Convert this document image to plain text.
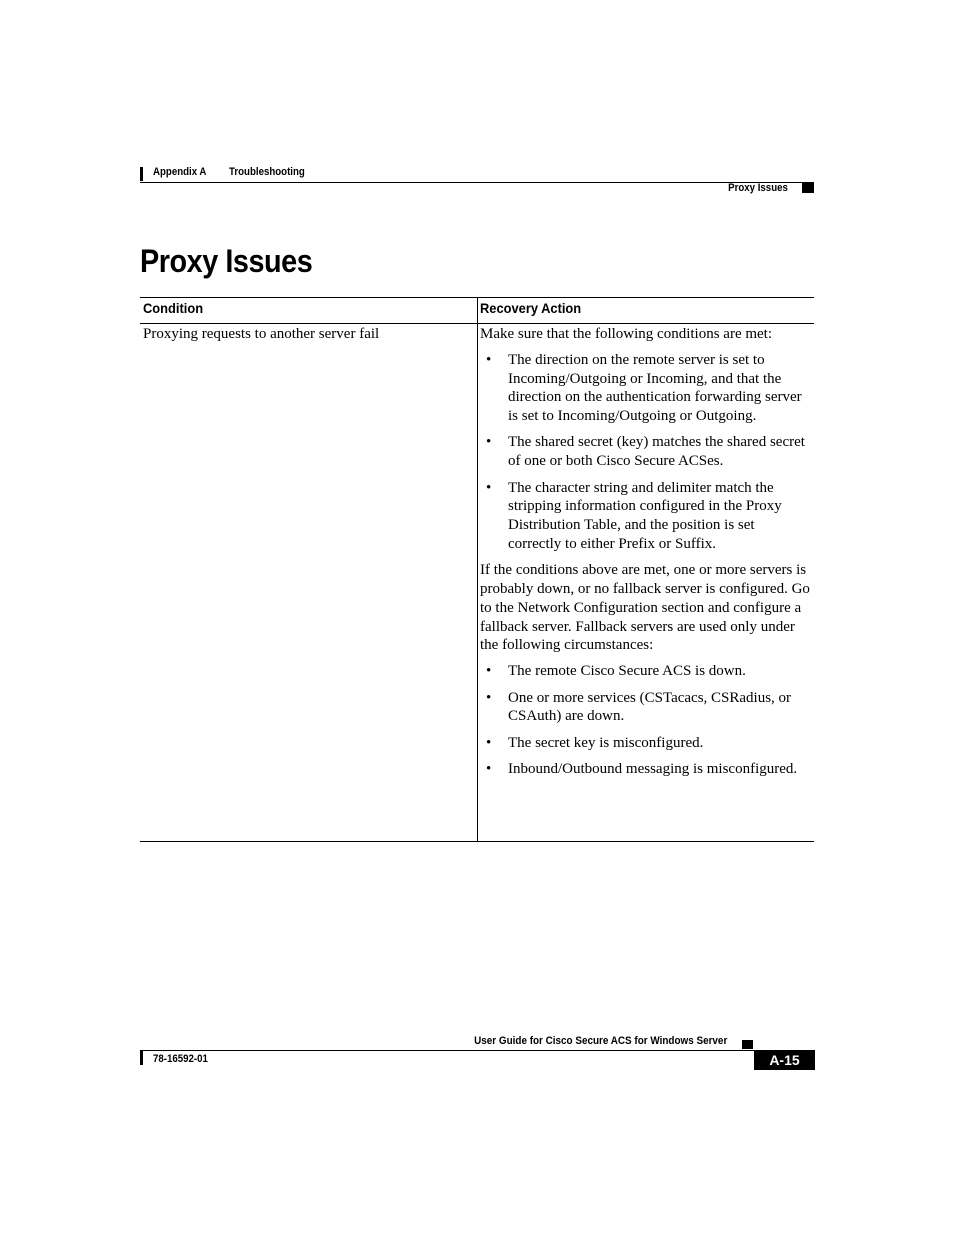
Appendix A Troubleshooting
Proxy Issues
Proxy Issues
Condition	Recovery Action
Proxying requests to another server fail	Make sure that the following conditions are met:

• The direction on the remote server is set to Incoming/Outgoing or Incoming, and that the direction on the authentication forwarding server is set to Incoming/Outgoing or Outgoing.
• The shared secret (key) matches the shared secret of one or both Cisco Secure ACSes.
• The character string and delimiter match the stripping information configured in the Proxy Distribution Table, and the position is set correctly to either Prefix or Suffix.

If the conditions above are met, one or more servers is probably down, or no fallback server is configured. Go to the Network Configuration section and configure a fallback server. Fallback servers are used only under the following circumstances:

• The remote Cisco Secure ACS is down.
• One or more services (CSTacacs, CSRadius, or CSAuth) are down.
• The secret key is misconfigured.
• Inbound/Outbound messaging is misconfigured.
User Guide for Cisco Secure ACS for Windows Server
78-16592-01	A-15
